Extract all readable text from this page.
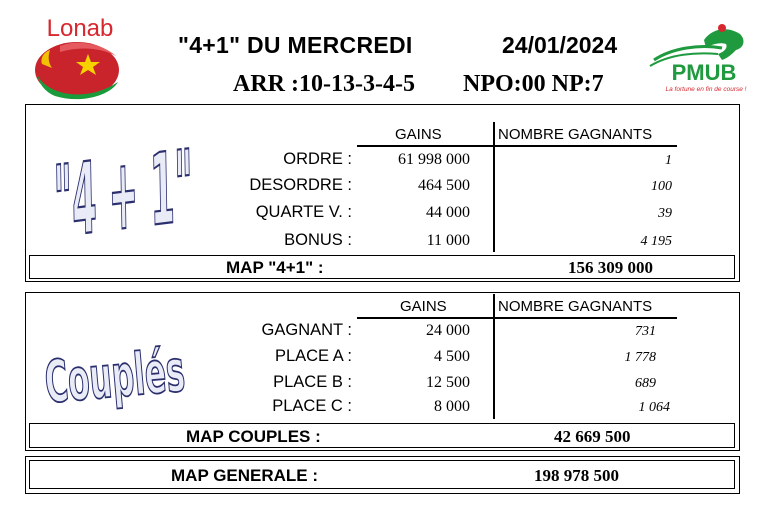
Lonab
PMUB
La fortune en fin de course !
"4+1" DU MERCREDI	24/01/2024
ARR :10-13-3-4-5 NPO:00 NP:7
"4 +	GAINS	NOMBRE GAGNANTS
ORDRE :	61 998 000	1
DESORDRE :	464 500	100
QUARTE V. :	44 000	39
BONUS :	11 000	4 195
MAP "4+1" :	156 309 000
Couplés
GAINS	NOMBRE GAGNANTS
GAGNANT :	24 000	731
PLACE A :	4 500	1 778
PLACE B :	12 500	689
PLACE C :	8 000	1 064
MAP COUPLES :	42 669 500
MAP GENERALE :	198 978 500
